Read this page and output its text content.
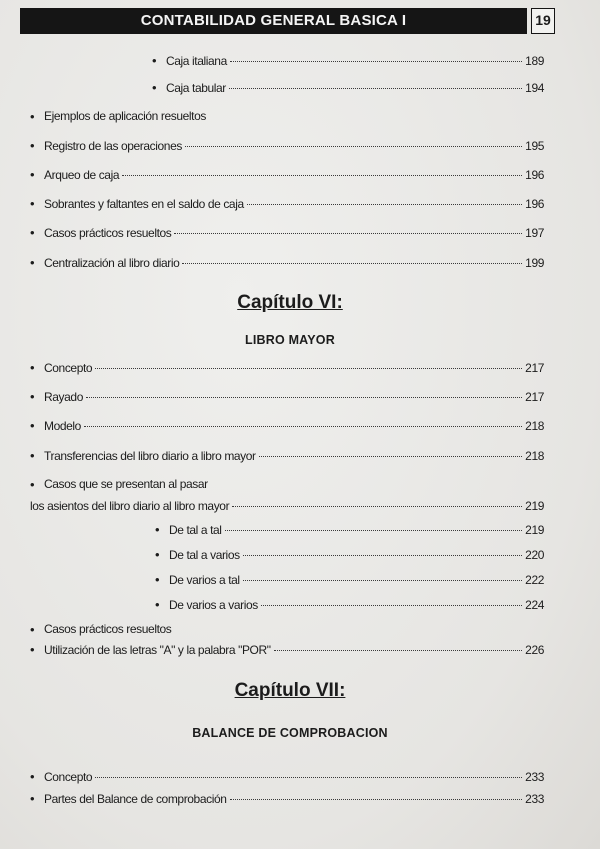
CONTABILIDAD GENERAL BASICA I	19
• Caja italiana	189
• Caja tabular	194
• Ejemplos de aplicación resueltos
• Registro de las operaciones	195
• Arqueo de caja	196
• Sobrantes y faltantes en el saldo de caja	196
• Casos prácticos resueltos	197
• Centralización al libro diario	199
Capítulo VI:
LIBRO MAYOR
• Concepto	217
• Rayado	217
• Modelo	218
• Transferencias del libro diario a libro mayor	218
• Casos que se presentan al pasar
los asientos del libro diario al libro mayor	219
• De tal a tal	219
• De tal a varios	220
• De varios a tal	222
• De varios a varios	224
• Casos prácticos resueltos
• Utilización de las letras "A" y la palabra "POR"	226
Capítulo VII:
BALANCE DE COMPROBACION
• Concepto	233
• Partes del Balance de comprobación	233
